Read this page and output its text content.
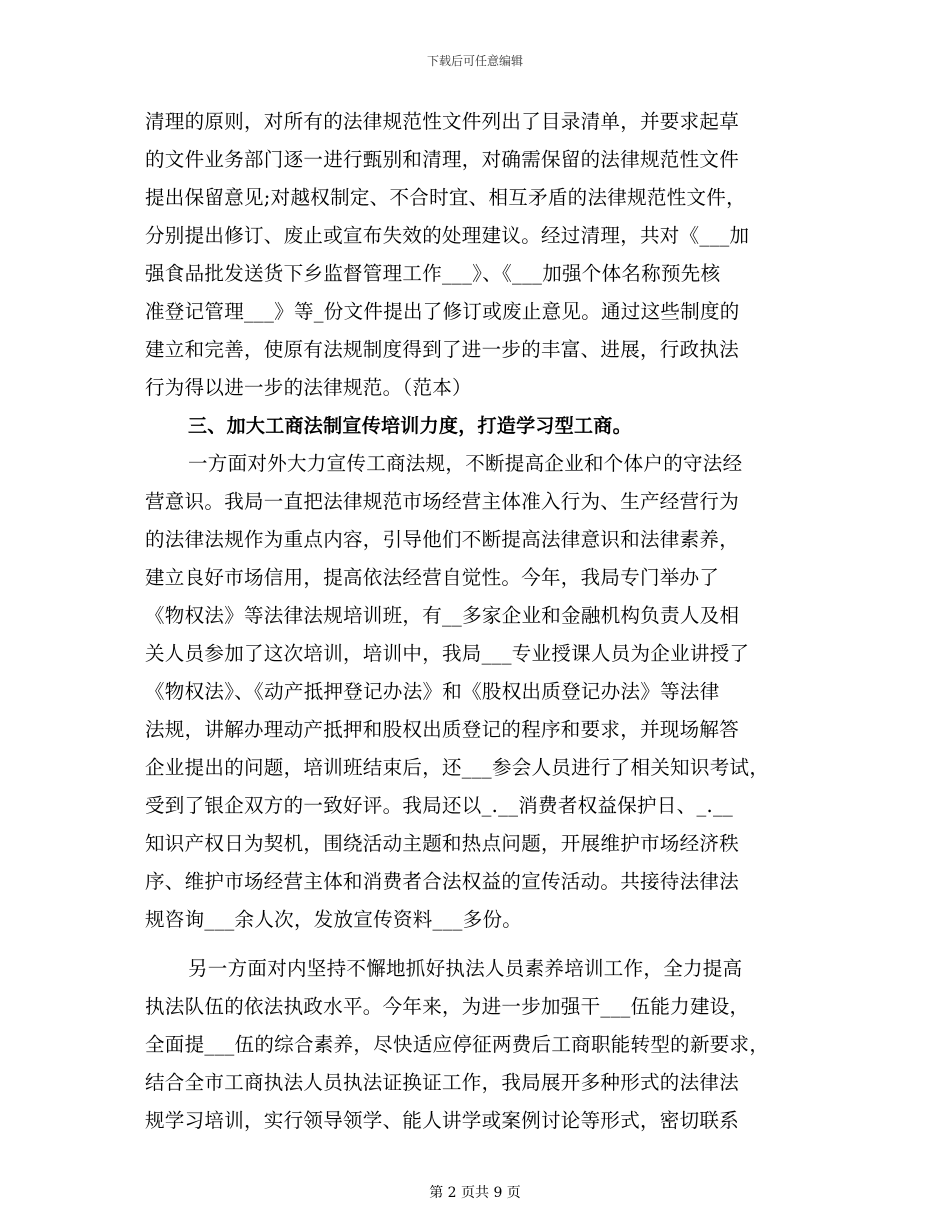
下载后可任意编辑
清理的原则，对所有的法律规范性文件列出了目录清单，并要求起草
的文件业务部门逐一进行甄别和清理，对确需保留的法律规范性文件
提出保留意见;对越权制定、不合时宜、相互矛盾的法律规范性文件，
分别提出修订、废止或宣布失效的处理建议。经过清理，共对《___加
强食品批发送货下乡监督管理工作___》、《___加强个体名称预先核
准登记管理___》等_份文件提出了修订或废止意见。通过这些制度的
建立和完善，使原有法规制度得到了进一步的丰富、进展，行政执法
行为得以进一步的法律规范。（范本）
三、加大工商法制宣传培训力度，打造学习型工商。
一方面对外大力宣传工商法规，不断提高企业和个体户的守法经
营意识。我局一直把法律规范市场经营主体准入行为、生产经营行为
的法律法规作为重点内容，引导他们不断提高法律意识和法律素养，
建立良好市场信用，提高依法经营自觉性。今年，我局专门举办了
《物权法》等法律法规培训班，有__多家企业和金融机构负责人及相
关人员参加了这次培训，培训中，我局___专业授课人员为企业讲授了
《物权法》、《动产抵押登记办法》和《股权出质登记办法》等法律
法规，讲解办理动产抵押和股权出质登记的程序和要求，并现场解答
企业提出的问题，培训班结束后，还___参会人员进行了相关知识考试，
受到了银企双方的一致好评。我局还以_.__消费者权益保护日、_.__
知识产权日为契机，围绕活动主题和热点问题，开展维护市场经济秩
序、维护市场经营主体和消费者合法权益的宣传活动。共接待法律法
规咨询___余人次，发放宣传资料___多份。
另一方面对内坚持不懈地抓好执法人员素养培训工作，全力提高
执法队伍的依法执政水平。今年来，为进一步加强干___伍能力建设，
全面提___伍的综合素养，尽快适应停征两费后工商职能转型的新要求，
结合全市工商执法人员执法证换证工作，我局展开多种形式的法律法
规学习培训，实行领导领学、能人讲学或案例讨论等形式，密切联系
第 2 页共 9 页
